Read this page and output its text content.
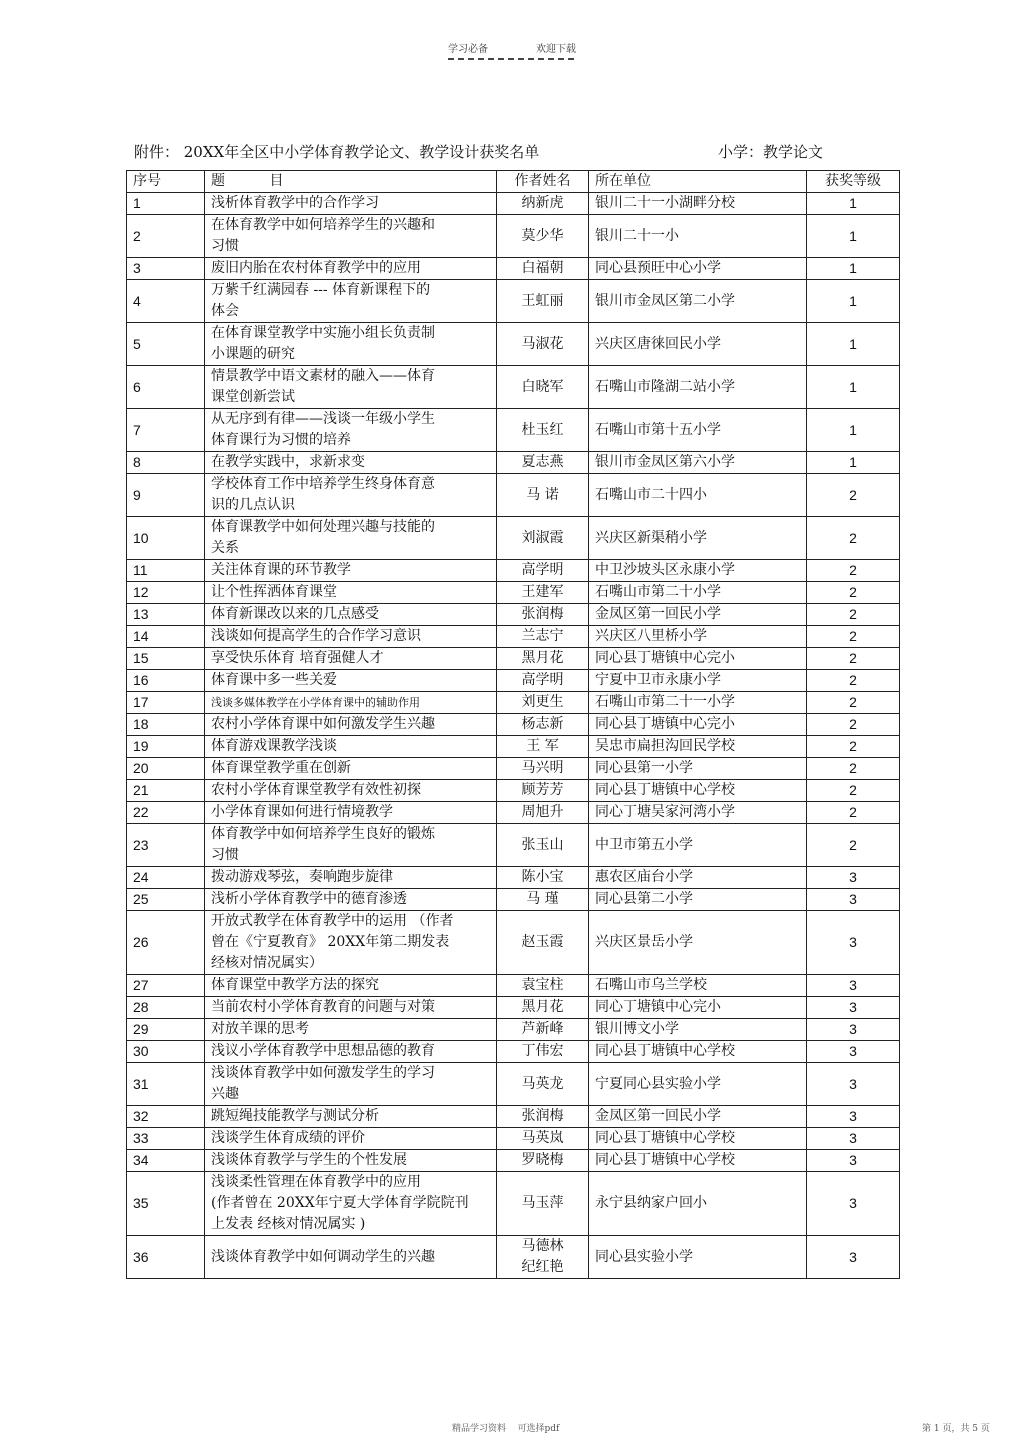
学习必备	欢迎下载
附件： 20XX年全区中小学体育教学论文、教学设计获奖名单	小学：教学论文
序号	题          目	作者姓名	所在单位	获奖等级
1	浅析体育教学中的合作学习	纳新虎	银川二十一小湖畔分校	1
2	在体育教学中如何培养学生的兴趣和
习惯	莫少华	银川二十一小	1
3	废旧内胎在农村体育教学中的应用	白福朝	同心县预旺中心小学	1
4	万紫千红满园春 --- 体育新课程下的
体会	王虹丽	银川市金凤区第二小学	1
5	在体育课堂教学中实施小组长负责制
小课题的研究	马淑花	兴庆区唐徕回民小学	1
6	情景教学中语文素材的融入——体育
课堂创新尝试	白晓军	石嘴山市隆湖二站小学	1
7	从无序到有律——浅谈一年级小学生
体育课行为习惯的培养	杜玉红	石嘴山市第十五小学	1
8	在教学实践中，求新求变	夏志燕	银川市金凤区第六小学	1
9	学校体育工作中培养学生终身体育意
识的几点认识	马 诺	石嘴山市二十四小	2
10	体育课教学中如何处理兴趣与技能的
关系	刘淑霞	兴庆区新渠稍小学	2
11	关注体育课的环节教学	高学明	中卫沙坡头区永康小学	2
12	让个性挥洒体育课堂	王建军	石嘴山市第二十小学	2
13	体育新课改以来的几点感受	张润梅	金凤区第一回民小学	2
14	浅谈如何提高学生的合作学习意识	兰志宁	兴庆区八里桥小学	2
15	享受快乐体育 培育强健人才	黑月花	同心县丁塘镇中心完小	2
16	体育课中多一些关爱	高学明	宁夏中卫市永康小学	2
17	浅谈多媒体教学在小学体育课中的辅助作用	刘更生	石嘴山市第二十一小学	2
18	农村小学体育课中如何激发学生兴趣	杨志新	同心县丁塘镇中心完小	2
19	体育游戏课教学浅谈	王 军	吴忠市扁担沟回民学校	2
20	体育课堂教学重在创新	马兴明	同心县第一小学	2
21	农村小学体育课堂教学有效性初探	顾芳芳	同心县丁塘镇中心学校	2
22	小学体育课如何进行情境教学	周旭升	同心丁塘吴家河湾小学	2
23	体育教学中如何培养学生良好的锻炼
习惯	张玉山	中卫市第五小学	2
24	拨动游戏琴弦，奏响跑步旋律	陈小宝	惠农区庙台小学	3
25	浅析小学体育教学中的德育渗透	马 瑾	同心县第二小学	3
26	开放式教学在体育教学中的运用 （作者
曾在《宁夏教育》 20XX年第二期发表
经核对情况属实）	赵玉霞	兴庆区景岳小学	3
27	体育课堂中教学方法的探究	袁宝柱	石嘴山市乌兰学校	3
28	当前农村小学体育教育的问题与对策	黑月花	同心丁塘镇中心完小	3
29	对放羊课的思考	芦新峰	银川博文小学	3
30	浅议小学体育教学中思想品德的教育	丁伟宏	同心县丁塘镇中心学校	3
31	浅谈体育教学中如何激发学生的学习
兴趣	马英龙	宁夏同心县实验小学	3
32	跳短绳技能教学与测试分析	张润梅	金凤区第一回民小学	3
33	浅谈学生体育成绩的评价	马英岚	同心县丁塘镇中心学校	3
34	浅谈体育教学与学生的个性发展	罗晓梅	同心县丁塘镇中心学校	3
35	浅谈柔性管理在体育教学中的应用
(作者曾在 20XX年宁夏大学体育学院院刊
上发表 经核对情况属实 )	马玉萍	永宁县纳家户回小	3
36	浅谈体育教学中如何调动学生的兴趣	马德林
纪红艳	同心县实验小学	3
精品学习资料    可选择pdf	第 1 页，共 5 页
